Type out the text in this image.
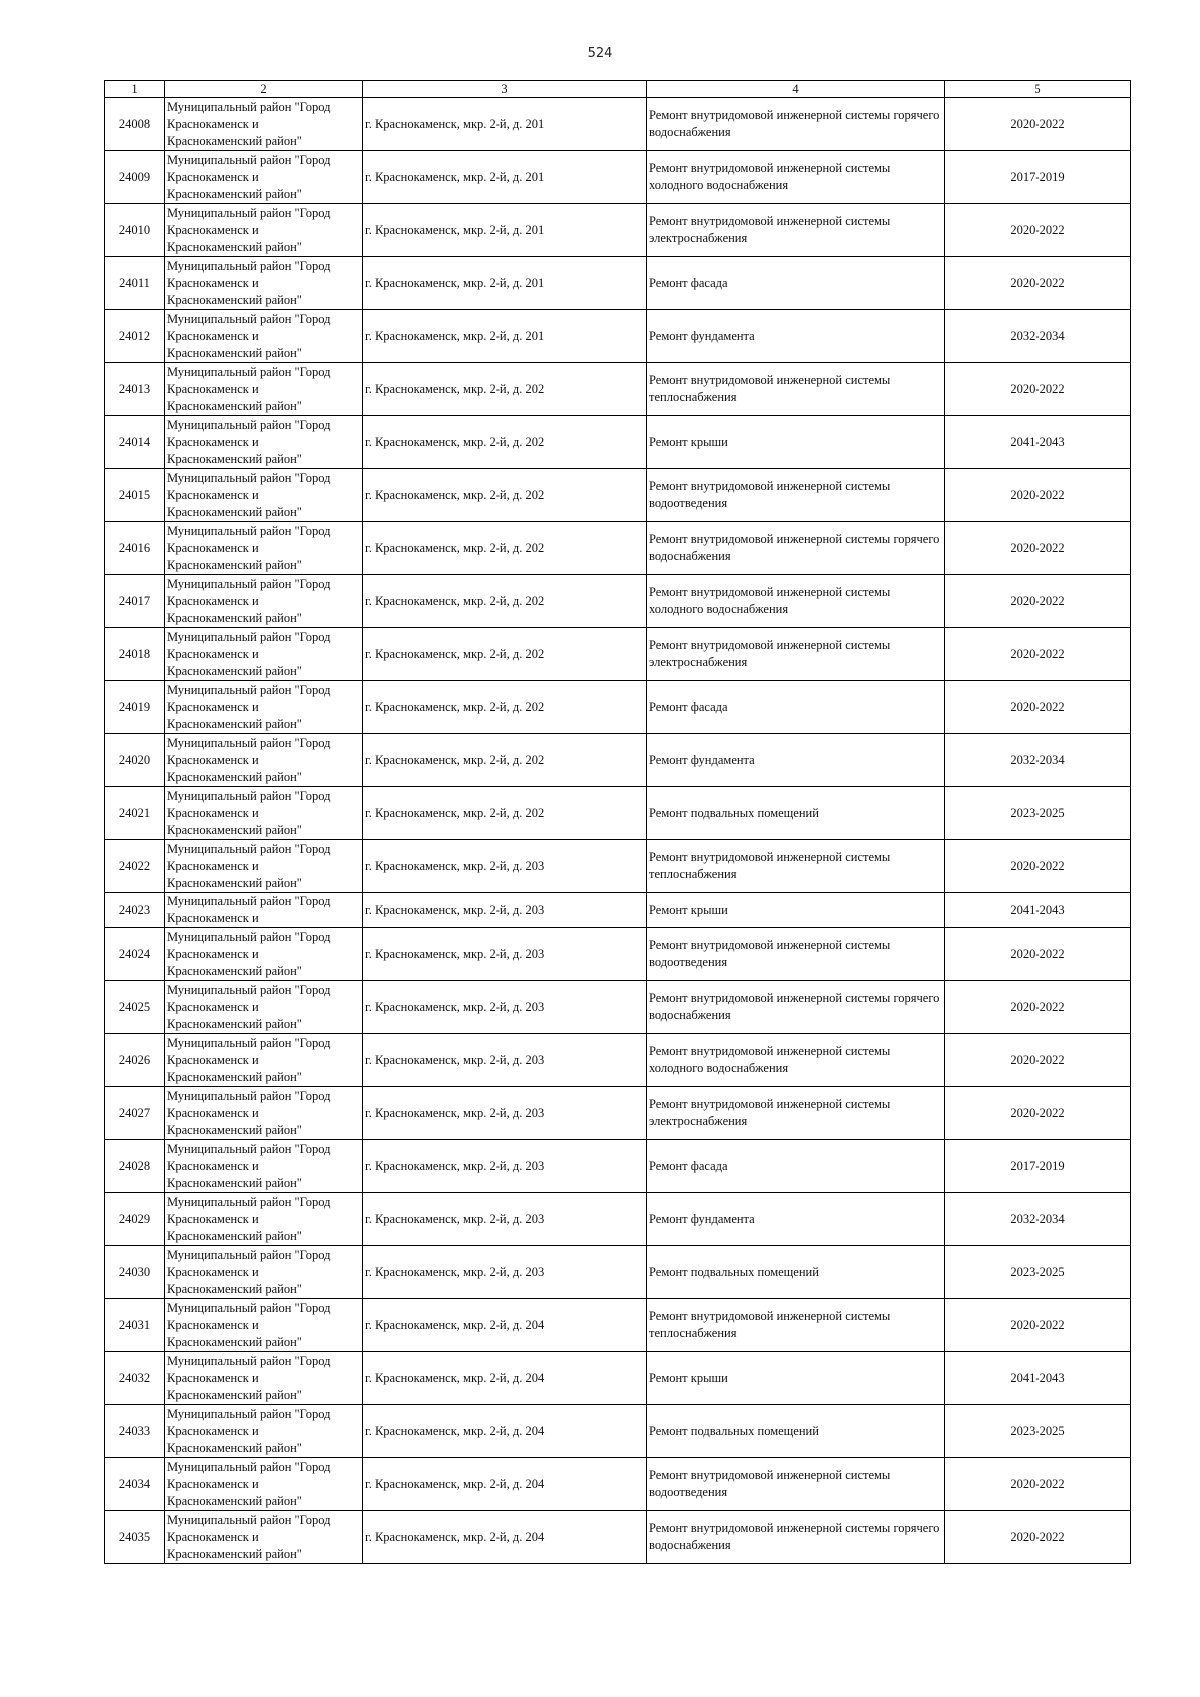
524
1	2	3	4	5
24008	Муниципальный район "Город
Краснокаменск и
Краснокаменский район"	г. Краснокаменск, мкр. 2-й, д. 201	Ремонт внутридомовой инженерной системы горячего водоснабжения	2020-2022
24009	Муниципальный район "Город
Краснокаменск и
Краснокаменский район"	г. Краснокаменск, мкр. 2-й, д. 201	Ремонт внутридомовой инженерной системы холодного водоснабжения	2017-2019
24010	Муниципальный район "Город
Краснокаменск и
Краснокаменский район"	г. Краснокаменск, мкр. 2-й, д. 201	Ремонт внутридомовой инженерной системы электроснабжения	2020-2022
24011	Муниципальный район "Город
Краснокаменск и
Краснокаменский район"	г. Краснокаменск, мкр. 2-й, д. 201	Ремонт фасада	2020-2022
24012	Муниципальный район "Город
Краснокаменск и
Краснокаменский район"	г. Краснокаменск, мкр. 2-й, д. 201	Ремонт фундамента	2032-2034
24013	Муниципальный район "Город
Краснокаменск и
Краснокаменский район"	г. Краснокаменск, мкр. 2-й, д. 202	Ремонт внутридомовой инженерной системы теплоснабжения	2020-2022
24014	Муниципальный район "Город
Краснокаменск и
Краснокаменский район"	г. Краснокаменск, мкр. 2-й, д. 202	Ремонт крыши	2041-2043
24015	Муниципальный район "Город
Краснокаменск и
Краснокаменский район"	г. Краснокаменск, мкр. 2-й, д. 202	Ремонт внутридомовой инженерной системы водоотведения	2020-2022
24016	Муниципальный район "Город
Краснокаменск и
Краснокаменский район"	г. Краснокаменск, мкр. 2-й, д. 202	Ремонт внутридомовой инженерной системы горячего водоснабжения	2020-2022
24017	Муниципальный район "Город
Краснокаменск и
Краснокаменский район"	г. Краснокаменск, мкр. 2-й, д. 202	Ремонт внутридомовой инженерной системы холодного водоснабжения	2020-2022
24018	Муниципальный район "Город
Краснокаменск и
Краснокаменский район"	г. Краснокаменск, мкр. 2-й, д. 202	Ремонт внутридомовой инженерной системы электроснабжения	2020-2022
24019	Муниципальный район "Город
Краснокаменск и
Краснокаменский район"	г. Краснокаменск, мкр. 2-й, д. 202	Ремонт фасада	2020-2022
24020	Муниципальный район "Город
Краснокаменск и
Краснокаменский район"	г. Краснокаменск, мкр. 2-й, д. 202	Ремонт фундамента	2032-2034
24021	Муниципальный район "Город
Краснокаменск и
Краснокаменский район"	г. Краснокаменск, мкр. 2-й, д. 202	Ремонт подвальных помещений	2023-2025
24022	Муниципальный район "Город
Краснокаменск и
Краснокаменский район"	г. Краснокаменск, мкр. 2-й, д. 203	Ремонт внутридомовой инженерной системы теплоснабжения	2020-2022
24023	Муниципальный район "Город
Краснокаменск и	г. Краснокаменск, мкр. 2-й, д. 203	Ремонт крыши	2041-2043
24024	Муниципальный район "Город
Краснокаменск и
Краснокаменский район"	г. Краснокаменск, мкр. 2-й, д. 203	Ремонт внутридомовой инженерной системы водоотведения	2020-2022
24025	Муниципальный район "Город
Краснокаменск и
Краснокаменский район"	г. Краснокаменск, мкр. 2-й, д. 203	Ремонт внутридомовой инженерной системы горячего водоснабжения	2020-2022
24026	Муниципальный район "Город
Краснокаменск и
Краснокаменский район"	г. Краснокаменск, мкр. 2-й, д. 203	Ремонт внутридомовой инженерной системы холодного водоснабжения	2020-2022
24027	Муниципальный район "Город
Краснокаменск и
Краснокаменский район"	г. Краснокаменск, мкр. 2-й, д. 203	Ремонт внутридомовой инженерной системы электроснабжения	2020-2022
24028	Муниципальный район "Город
Краснокаменск и
Краснокаменский район"	г. Краснокаменск, мкр. 2-й, д. 203	Ремонт фасада	2017-2019
24029	Муниципальный район "Город
Краснокаменск и
Краснокаменский район"	г. Краснокаменск, мкр. 2-й, д. 203	Ремонт фундамента	2032-2034
24030	Муниципальный район "Город
Краснокаменск и
Краснокаменский район"	г. Краснокаменск, мкр. 2-й, д. 203	Ремонт подвальных помещений	2023-2025
24031	Муниципальный район "Город
Краснокаменск и
Краснокаменский район"	г. Краснокаменск, мкр. 2-й, д. 204	Ремонт внутридомовой инженерной системы теплоснабжения	2020-2022
24032	Муниципальный район "Город
Краснокаменск и
Краснокаменский район"	г. Краснокаменск, мкр. 2-й, д. 204	Ремонт крыши	2041-2043
24033	Муниципальный район "Город
Краснокаменск и
Краснокаменский район"	г. Краснокаменск, мкр. 2-й, д. 204	Ремонт подвальных помещений	2023-2025
24034	Муниципальный район "Город
Краснокаменск и
Краснокаменский район"	г. Краснокаменск, мкр. 2-й, д. 204	Ремонт внутридомовой инженерной системы водоотведения	2020-2022
24035	Муниципальный район "Город
Краснокаменск и
Краснокаменский район"	г. Краснокаменск, мкр. 2-й, д. 204	Ремонт внутридомовой инженерной системы горячего водоснабжения	2020-2022
